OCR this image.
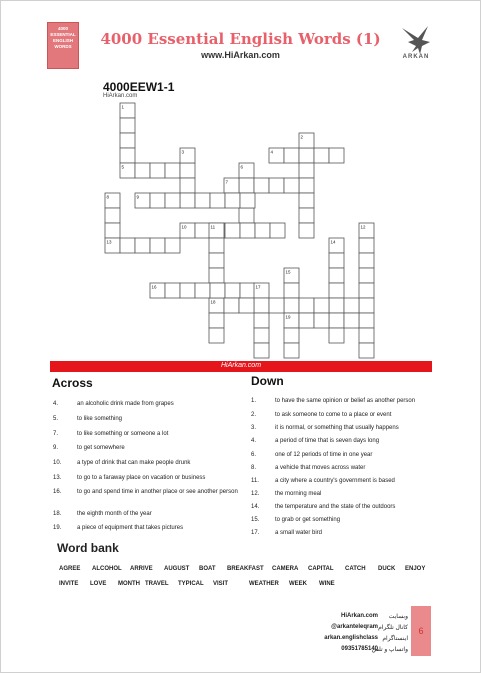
4000
ESSENTIAL
ENGLISH
WORDS	4000 Essential English Words (1)
www.HiArkan.com	ARKAN
4000EEW1-1
HiArkan.com
1
2
3	4
5	6
7
8	9
10	11	12
13	14
15
16	17
18
19
HiArkan.com
Across	Down
4.	an alcoholic drink made from grapes
5.	to like something
7.	to like something or someone a lot
9.	to get somewhere
10.	a type of drink that can make people drunk
13.	to go to a faraway place on vacation or business
16.	to go and spend time in another place or see another person
18.	the eighth month of the year
19.	a piece of equipment that takes pictures
1.	to have the same opinion or belief as another person
2.	to ask someone to come to a place or event
3.	it is normal, or something that usually happens
4.	a period of time that is seven days long
6.	one of 12 periods of time in one year
8.	a vehicle that moves across water
11.	a city where a country's government is based
12.	the morning meal
14.	the temperature and the state of the outdoors
15.	to grab or get something
17.	a small water bird
Word bank
AGREE ALCOHOL ARRIVE AUGUST BOAT BREAKFAST CAMERA CAPITAL CATCH DUCK ENJOY
INVITE LOVE MONTH TRAVEL TYPICAL VISIT	WEATHER WEEK WINE
HiArkan.com	وبسایت
@arkanteleqram کانال تلگرام
arkan.englishclass اینستاگرام
09351785140
واتساپ و تلفن
6
